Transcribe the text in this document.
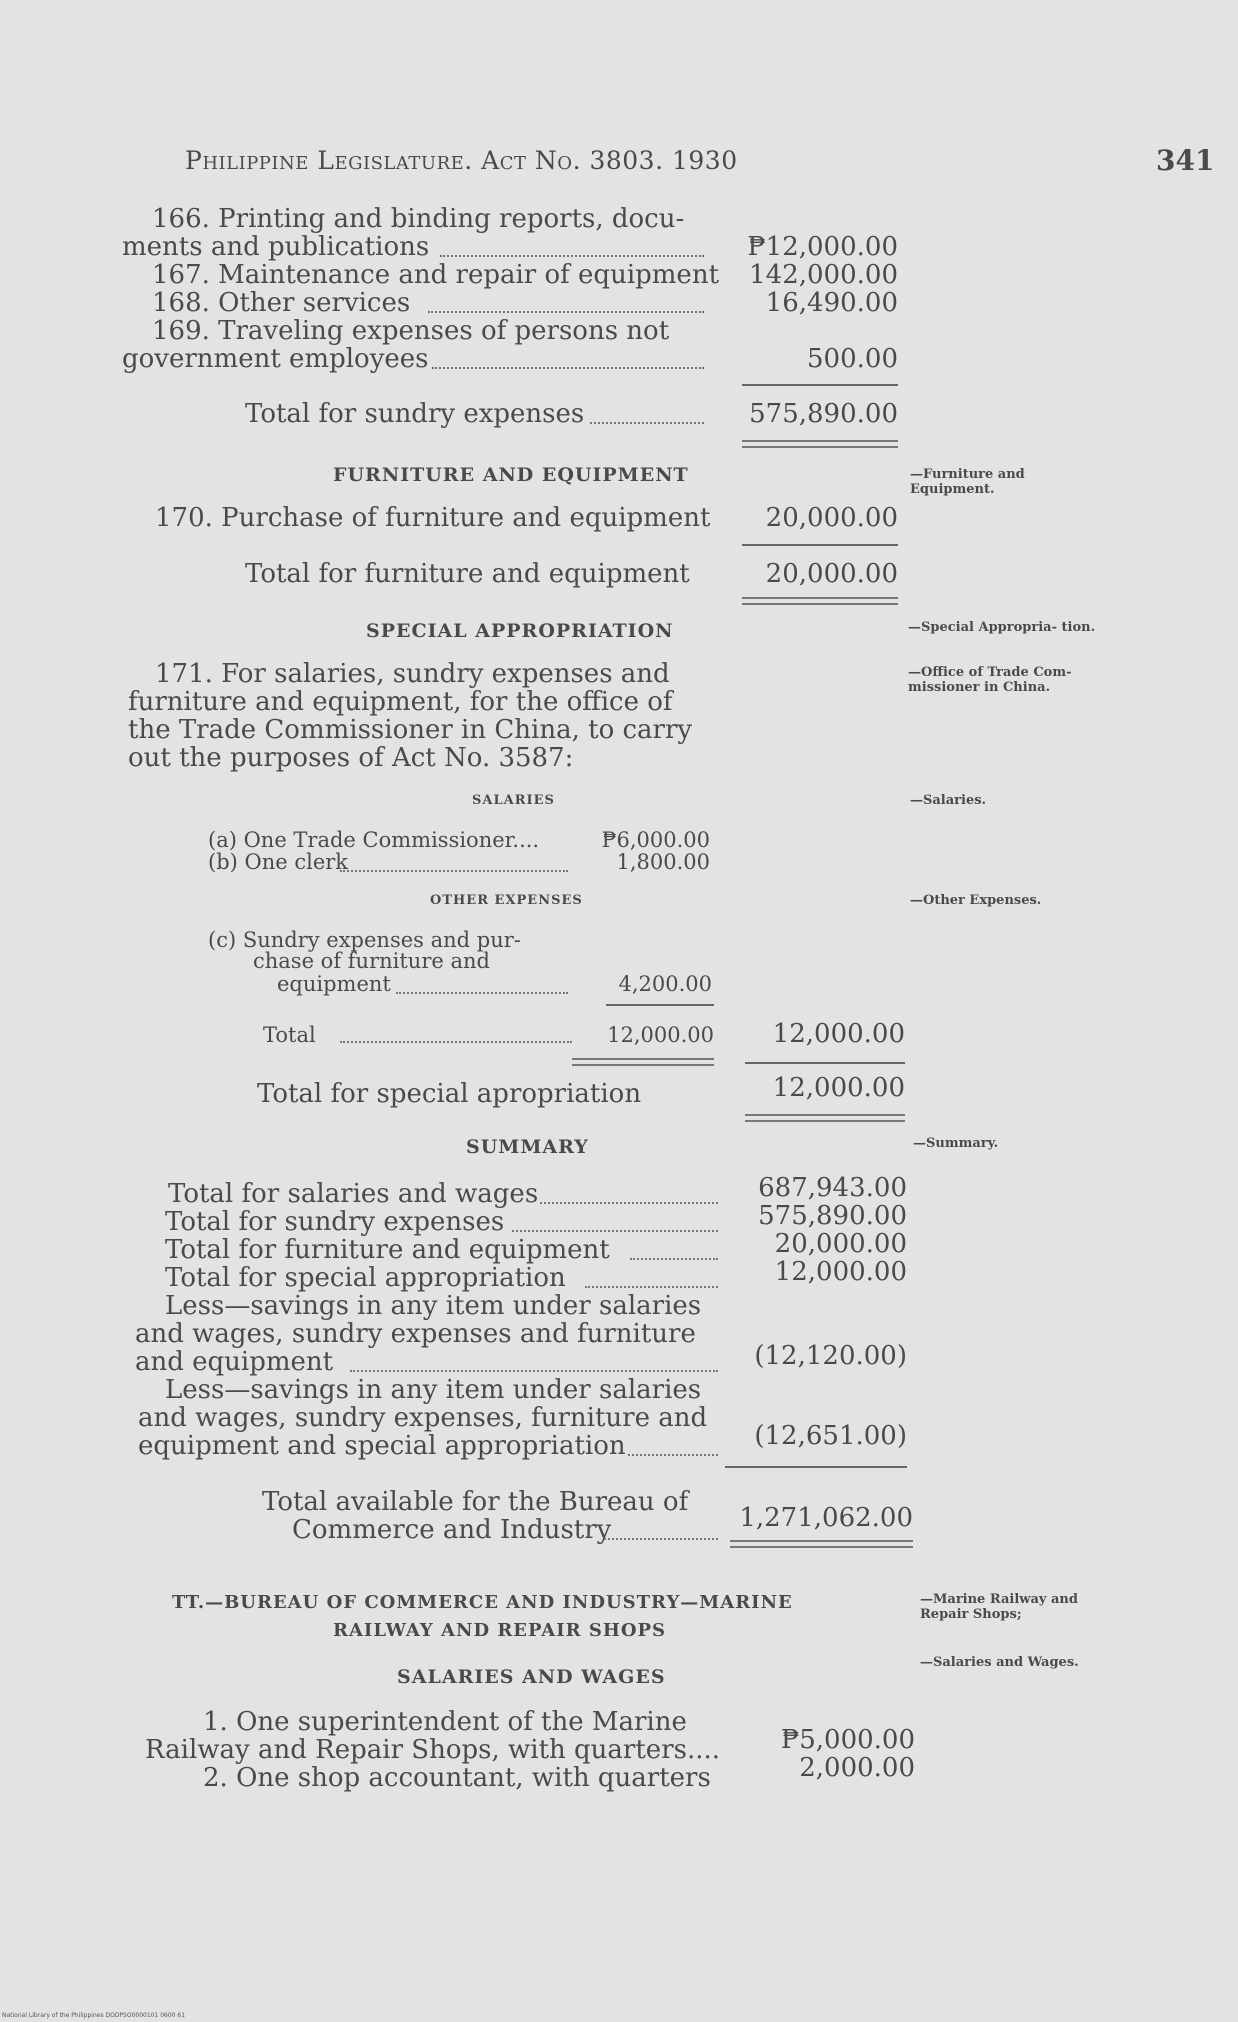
Philippine Legislature. Act No. 3803. 1930	341
166. Printing and binding reports, docu-
ments and publications	₱12,000.00
167. Maintenance and repair of equipment	142,000.00
168. Other services	16,490.00
169. Traveling expenses of persons not
government employees	500.00
Total for sundry expenses	575,890.00
FURNITURE AND EQUIPMENT	—Furniture and Equipment.
170. Purchase of furniture and equipment	20,000.00
Total for furniture and equipment	20,000.00
SPECIAL APPROPRIATION	—Special Appropria- tion.
—Office of Trade Com- missioner in China.
171. For salaries, sundry expenses and
furniture and equipment, for the office of
the Trade Commissioner in China, to carry
out the purposes of Act No. 3587:
SALARIES	—Salaries.
(a) One Trade Commissioner....	₱6,000.00
(b) One clerk	1,800.00
OTHER EXPENSES	—Other Expenses.
(c) Sundry expenses and pur-
chase of furniture and
equipment	4,200.00
Total	12,000.00	12,000.00
Total for special apropriation	12,000.00
SUMMARY	—Summary.
Total for salaries and wages	687,943.00
Total for sundry expenses	575,890.00
Total for furniture and equipment	20,000.00
Total for special appropriation	12,000.00
Less—savings in any item under salaries
and wages, sundry expenses and furniture
and equipment	(12,120.00)
Less—savings in any item under salaries
and wages, sundry expenses, furniture and
equipment and special appropriation	(12,651.00)
Total available for the Bureau of
Commerce and Industry	1,271,062.00
TT.—BUREAU OF COMMERCE AND INDUSTRY—MARINE
RAILWAY AND REPAIR SHOPS
—Marine Railway and Repair Shops;
SALARIES AND WAGES
—Salaries and Wages.
1. One superintendent of the Marine
Railway and Repair Shops, with quarters....	₱5,000.00
2. One shop accountant, with quarters	2,000.00
National Library of the Philippines DODPSO0000101 0600 61
